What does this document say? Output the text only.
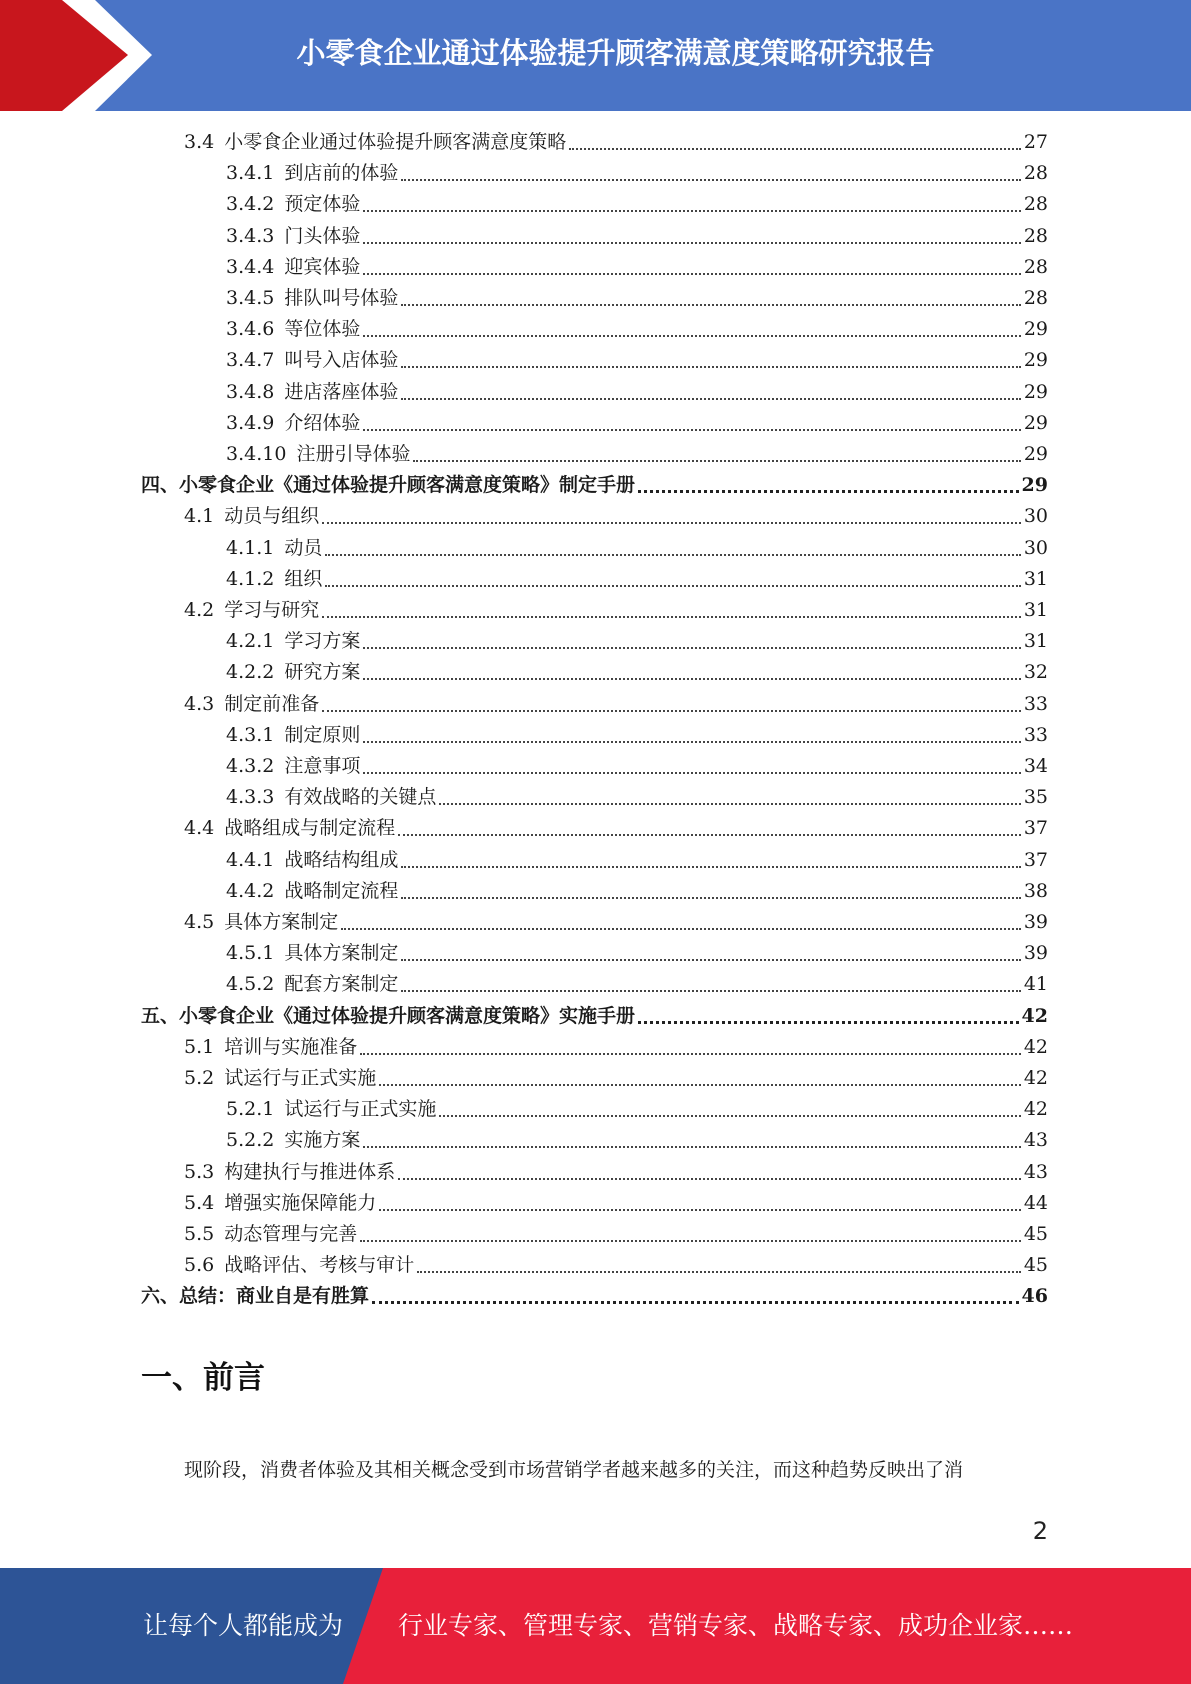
小零食企业通过体验提升顾客满意度策略研究报告
3.4 小零食企业通过体验提升顾客满意度策略	27
3.4.1 到店前的体验	28
3.4.2 预定体验	28
3.4.3 门头体验	28
3.4.4 迎宾体验	28
3.4.5 排队叫号体验	28
3.4.6 等位体验	29
3.4.7 叫号入店体验	29
3.4.8 进店落座体验	29
3.4.9 介绍体验	29
3.4.10 注册引导体验	29
四、小零食企业《通过体验提升顾客满意度策略》制定手册	29
4.1 动员与组织	30
4.1.1 动员	30
4.1.2 组织	31
4.2 学习与研究	31
4.2.1 学习方案	31
4.2.2 研究方案	32
4.3 制定前准备	33
4.3.1 制定原则	33
4.3.2 注意事项	34
4.3.3 有效战略的关键点	35
4.4 战略组成与制定流程	37
4.4.1 战略结构组成	37
4.4.2 战略制定流程	38
4.5 具体方案制定	39
4.5.1 具体方案制定	39
4.5.2 配套方案制定	41
五、小零食企业《通过体验提升顾客满意度策略》实施手册	42
5.1 培训与实施准备	42
5.2 试运行与正式实施	42
5.2.1 试运行与正式实施	42
5.2.2 实施方案	43
5.3 构建执行与推进体系	43
5.4 增强实施保障能力	44
5.5 动态管理与完善	45
5.6 战略评估、考核与审计	45
六、总结：商业自是有胜算	46
一、前言
现阶段，消费者体验及其相关概念受到市场营销学者越来越多的关注，而这种趋势反映出了消
2
让每个人都能成为 行业专家、管理专家、营销专家、战略专家、成功企业家……
